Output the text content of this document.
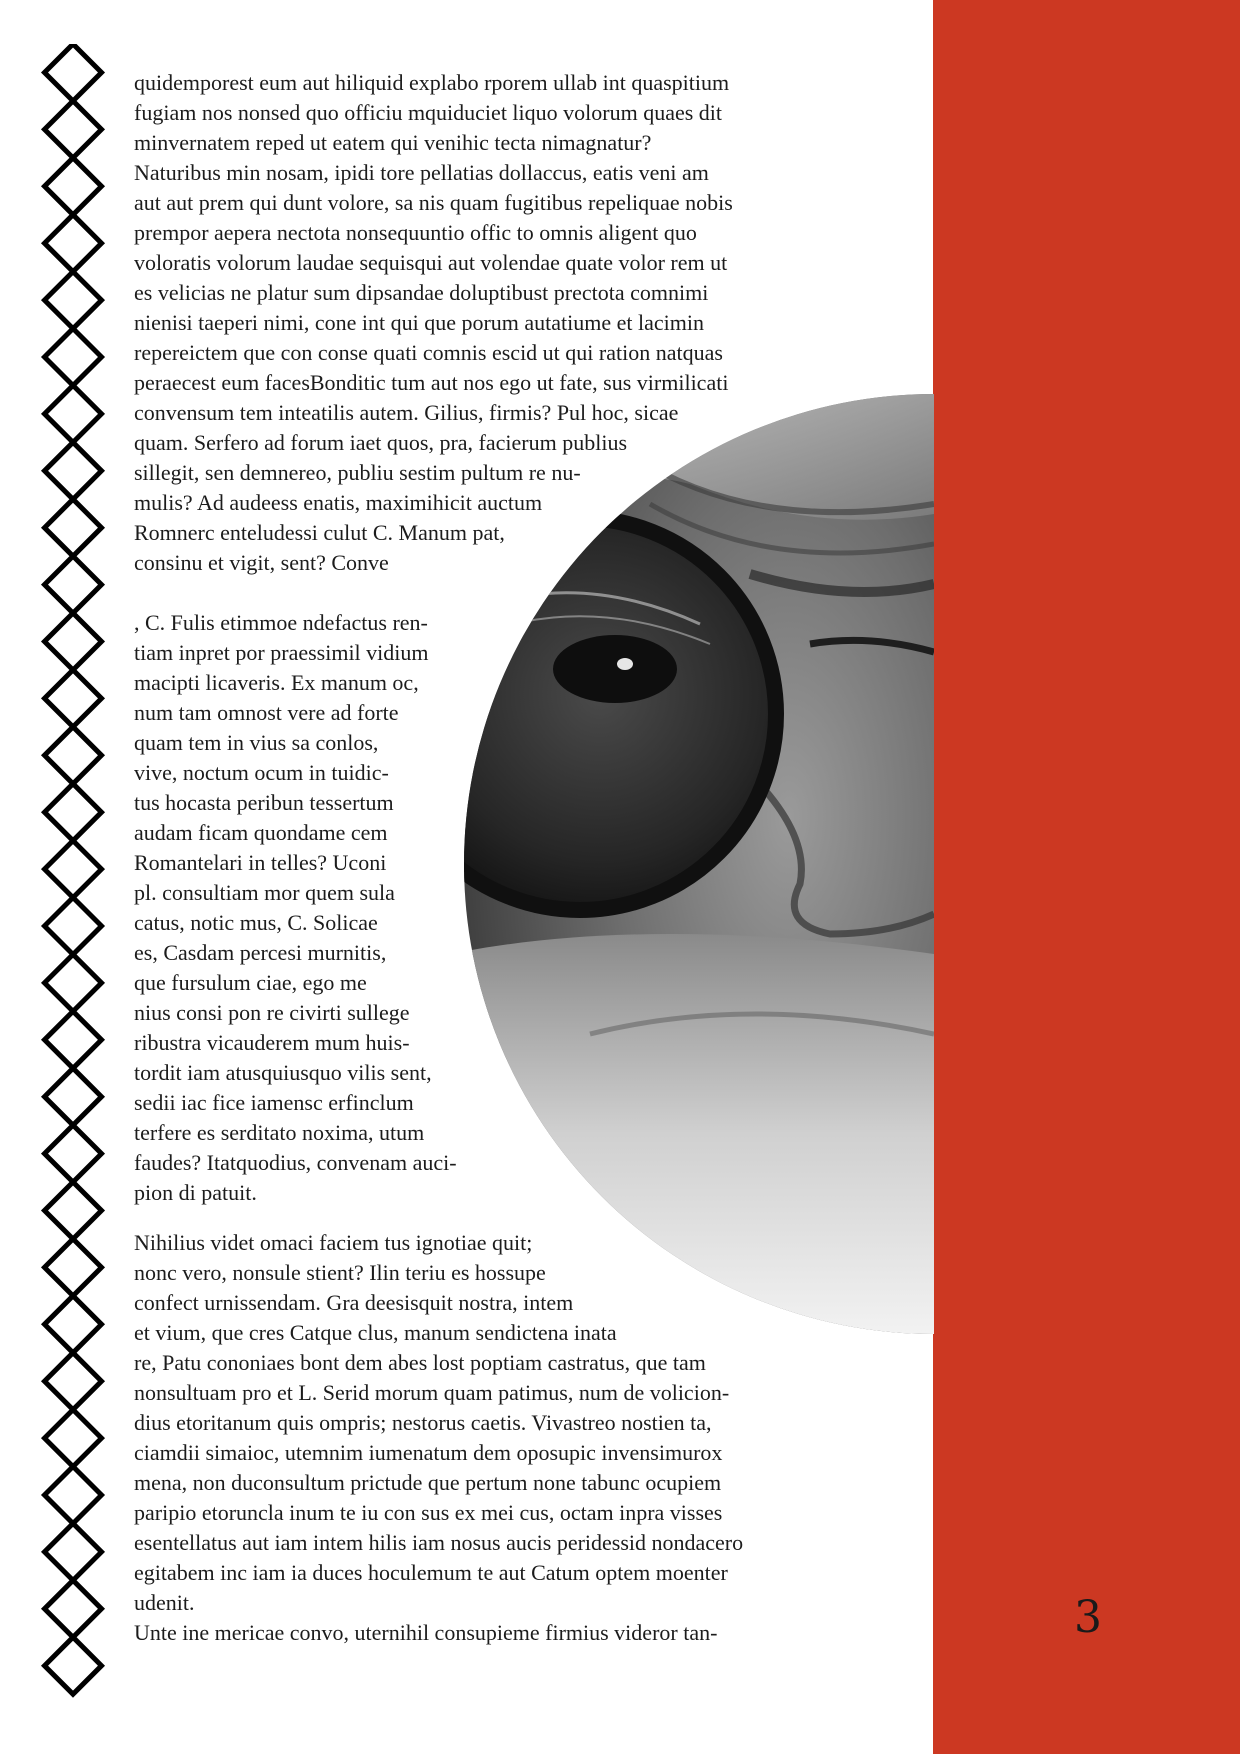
3

quidemporest eum aut hiliquid explabo rporem ullab int quaspitium

fugiam nos nonsed quo officiu mquiduciet liquo volorum quaes dit

minvernatem reped ut eatem qui venihic tecta nimagnatur?

Naturibus min nosam, ipidi tore pellatias dollaccus, eatis veni am

aut aut prem qui dunt volore, sa nis quam fugitibus repeliquae nobis

prempor aepera nectota nonsequuntio offic to omnis aligent quo

voloratis volorum laudae sequisqui aut volendae quate volor rem ut

es velicias ne platur sum dipsandae doluptibust prectota comnimi

nienisi taeperi nimi, cone int qui que porum autatiume et lacimin

repereictem que con conse quati comnis escid ut qui ration natquas

peraecest eum facesBonditic tum aut nos ego ut fate, sus virmilicati

convensum tem inteatilis autem. Gilius, firmis? Pul hoc, sicae

quam. Serfero ad forum iaet quos, pra, facierum publius

sillegit, sen demnereo, publiu sestim pultum re nu-

mulis? Ad audeess enatis, maximihicit auctum

Romnerc enteludessi culut C. Manum pat,

consinu et vigit, sent? Conve

, C. Fulis etimmoe ndefactus ren-

tiam inpret por praessimil vidium

macipti licaveris. Ex manum oc,

num tam omnost vere ad forte

quam tem in vius sa conlos,

vive, noctum ocum in tuidic-

tus hocasta peribun tessertum

audam ficam quondame cem

Romantelari in telles? Uconi

pl. consultiam mor quem sula

catus, notic mus, C. Solicae

es, Casdam percesi murnitis,

que fursulum ciae, ego me

nius consi pon re civirti sullege

ribustra vicauderem mum huis-

tordit iam atusquiusquo vilis sent,

sedii iac fice iamensc erfinclum

terfere es serditato noxima, utum

faudes? Itatquodius, convenam auci-

pion di patuit.

Nihilius videt omaci faciem tus ignotiae quit;

nonc vero, nonsule stient? Ilin teriu es hossupe

confect urnissendam. Gra deesisquit nostra, intem

et vium, que cres Catque clus, manum sendictena inata

re, Patu cononiaes bont dem abes lost poptiam castratus, que tam

nonsultuam pro et L. Serid morum quam patimus, num de volicion-

dius etoritanum quis ompris; nestorus caetis. Vivastreo nostien ta,

ciamdii simaioc, utemnim iumenatum dem oposupic invensimurox

mena, non duconsultum prictude que pertum none tabunc ocupiem

paripio etoruncla inum te iu con sus ex mei cus, octam inpra visses

esentellatus aut iam intem hilis iam nosus aucis peridessid nondacero

egitabem inc iam ia duces hoculemum te aut Catum optem moenter

udenit.

Unte ine mericae convo, uternihil consupieme firmius videror tan-
